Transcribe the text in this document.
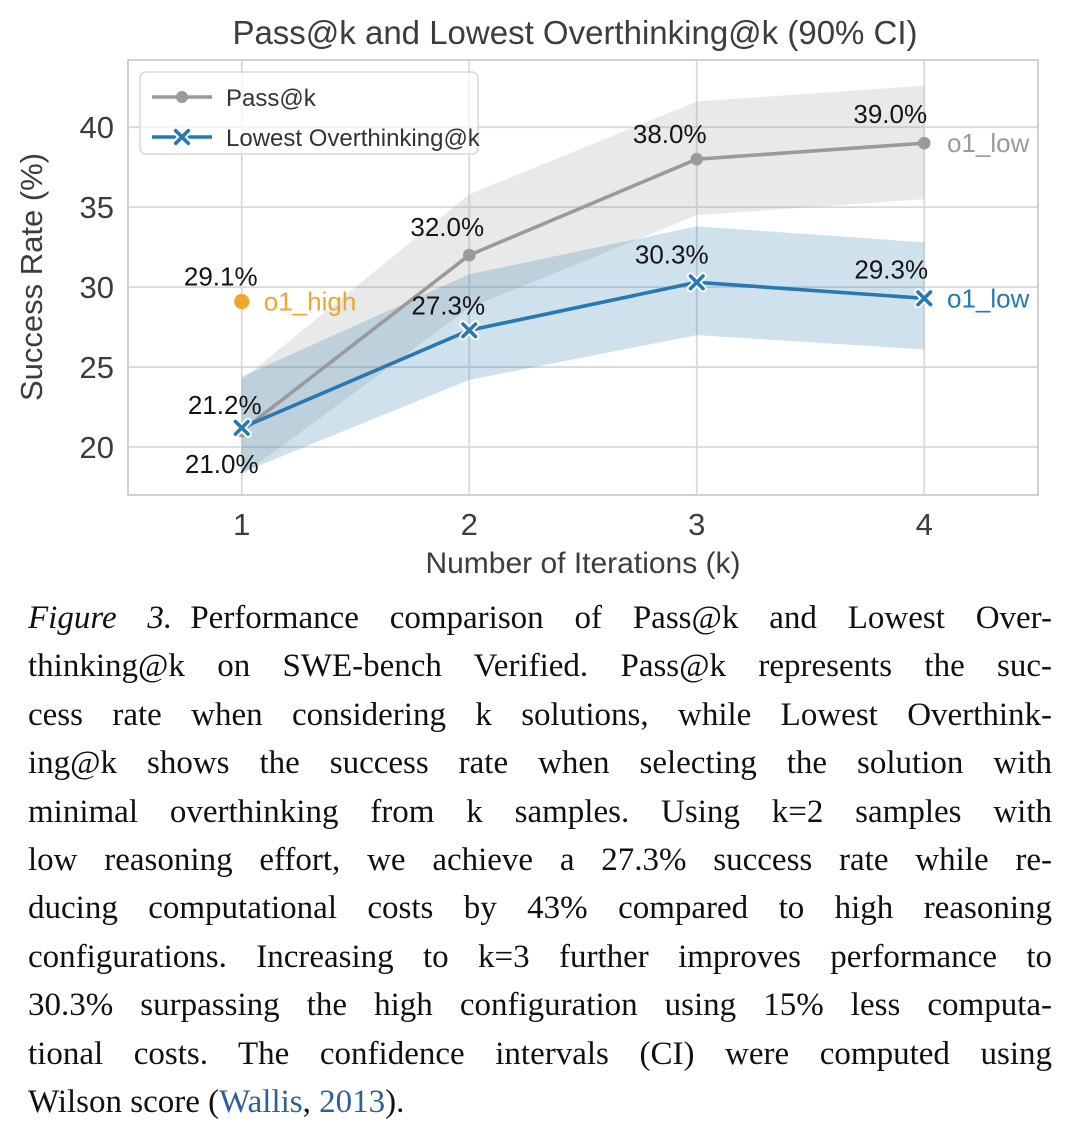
21.0%
32.0%
38.0%
39.0%
o1_low
21.2%
27.3%
30.3%	29.3%
o1_low
29.1%
o1_high
20
25
30
35
40
1	2	3	4
Number of Iterations (k)
Success Rate (%)
Pass@k and Lowest Overthinking@k (90% CI)
Pass@k
Lowest Overthinking@k
Figure 3. Performance comparison of Pass@k and Lowest Over-
thinking@k on SWE-bench Verified. Pass@k represents the suc-
cess rate when considering k solutions, while Lowest Overthink-
ing@k shows the success rate when selecting the solution with
minimal overthinking from k samples. Using k=2 samples with
low reasoning effort, we achieve a 27.3% success rate while re-
ducing computational costs by 43% compared to high reasoning
configurations. Increasing to k=3 further improves performance to
30.3% surpassing the high configuration using 15% less computa-
tional costs. The confidence intervals (CI) were computed using
Wilson score (Wallis, 2013).
